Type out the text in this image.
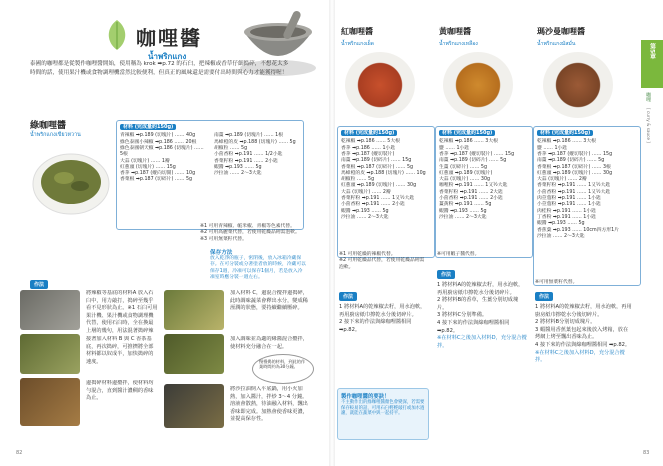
咖哩醬
น้ำพริกแกง
泰國的咖哩都是從製作咖哩醬開始，使用稱為 krok ➡p.72 的石臼，把辣椒或香草仔細搗碎，不想花太多時間的話，使用果汁機或食物調理機當然比較便利，但真正的風味還是需要付出時間與心力才能獲得喔！
綠咖哩醬
น้ำพริกแกงเขียวหวาน
材料 (完成量約150g)
青辣椒 ➡p.189 (切塊片) …… 40g
綠色泰國小辣椒 ➡p.186 …… 20根
綠色泰國朝天椒 ➡p.186 (切塊片) …… 5根
大蒜 (切塊片) …… 1瓣
紅蔥頭 (切塊片) …… 15g
香茅 ➡p.187 (縱向切開) …… 10g
香菜根 ➡p.187 (切碎片) …… 5g
南薑 ➡p.189 (切塊片) …… 1根
馬蜂橙的皮 ➡p.188 (切塊片) …… 5g
胡椒粒 …… 5g
小茴香粉 ➡p.191 …… 1/2小匙
香菜籽粉 ➡p.191 …… 2小匙
蝦醬 ➡p.193 …… 5g
沙拉油 …… 2～3大匙
※1 可用青辣椒、帳米椒、青椒等色素代替。
※2 可用高麗菜代替，若使用乾燥品則需泡軟。
※3 可用無菜籽代替。
保存方法
放入乾淨的瓶子，密閉後，放入冰箱冷藏保存。在可分裝或分著塗者放的時候，冷藏可以保存1週，冷凍可以保存1個月，若是放入冷凍室時應分裝一週左右。
作法
將辣椒等基底的材料A 放入石臼中，用力敲打，搗碎至幾乎看不見形狀為止。※1 石臼可用果汁機、果汁機或食物調理機代替，使用石臼時，全在換最上層的幾句，用法混著搗碎辣
接著加入材料 B 與 C 香茶基底，再次搗碎，可推擠將全部材料都以奴成半，加快搗碎的速度。
邊搗碎材料邊攪拌，使材料均勻混合，直到醬汁濃稠的香味為止。
加入材料 C，邊混合攪拌邊搗碎，此時調味蔬菜會釋出水分，變成稀溼潤的狀態，要持續繼續壓碎。
加入調味並為適的緣醬混合攪拌，使材料充分融合在一起。
慢慢搗的材料，到此的作業時間約為30分鐘。
將沙拉油倒入平底鍋，用小火加熱，加入醬汁，拌炒 3～4 分鐘。溶液會散熱，待油融入材料，飄出香味即完成。加熱會使香味更濃，並提高保存性。
82
紅咖哩醬
น้ำพริกแกงเผ็ด
黃咖哩醬
น้ำพริกแกงเหลือง
瑪沙曼咖哩醬
น้ำพริกแกงมัสมั่น	第5章
咖哩
[ curry & sauce ]
材料 (完成量約150g)
乾辣椒 ➡p.186 …… 5大根
香茅 ➡p.186 …… 1小匙
香茅 ➡p.187 (縱切裝片)
南薑 ➡p.189 (切碎片) …… 15g
香菜根 ➡p.187 (切碎片) …… 5g
馬蜂橙的皮 ➡p.188 (切塊片) …… 10g
胡椒粒 …… 5g
紅蔥頭 ➡p.189 (切塊片) …… 30g
大蒜 (切塊片) …… 2瓣
香菜籽粉 ➡p.191 …… 1又½大匙
小茴香粉 ➡p.191 …… 2小匙
蝦醬 ➡p.193 …… 5g
沙拉油 …… 2～3大匙
※1 可用乾燥的辣椒代替。
※2 可用乾燥品代替，若使用乾燥品則需泡軟。
作法
1 將材料A的乾辣椒去籽，用水泡軟，再用廚房紙巾擦乾水分後切碎片。
2 接下來的作法與綠咖哩醬相同 ➡p.82。
製作咖哩醬的要訣！
不主動作出的綠咖哩醬顏色會變深，若需要保存較易的話，可用石臼輕輕敲打或加水過濾，就能在蔬菜中與一起持平。
材料 (完成量約150g)
乾辣椒 ➡p.186 …… 3大根
鹽 …… 1小匙
香茅 ➡p.187 (縱切裝片) …… 15g
南薑 ➡p.189 (切碎片) …… 5g
生薑 (切碎片) …… 5g
紅蔥頭 ➡p.189 (切塊片)
大蒜 (切塊片) …… 30g
咖哩粉 ➡p.191 …… 1又½大匙
香菜籽粉 ➡p.191 …… 2大匙
小茴香粉 ➡p.191 …… 2小匙
薑黃粉 ➡p.191 …… 5g
蝦醬 ➡p.193 …… 5g
沙拉油 …… 2～3大匙
※可用蝦子醬代替。
作法
1 將材料A的乾辣椒去籽，用水泡軟，再用廚房紙巾擦乾水分後切碎片。
2 將材料B的香草，生薑分別切成塊片。
3 將材料C分別準備。
4 接下來的作法與綠咖哩醬相同 ➡p.82。
※在材料C之後加入材料D，充分混合攪拌。
材料 (完成量約150g)
乾辣椒 ➡p.186 …… 3大根
鹽 …… 1小匙
香茅 ➡p.187 (縱切裝片) …… 15g
南薑 ➡p.189 (切碎片) …… 5g
香菜根 ➡p.187 (切碎片) …… 3根
紅蔥頭 ➡p.189 (切塊片) …… 30g
大蒜 (切塊片) …… 2瓣
香菜籽粉 ➡p.191 …… 1又½大匙
小茴香粉 ➡p.191 …… 1又½大匙
肉荳蔻粉 ➡p.191 …… 1小匙
小荳蔻粉 ➡p.191 …… 1小匙
肉桂粉 ➡p.191 …… 1小匙
丁香粉 ➡p.191 …… 1小匙
蝦醬 ➡p.193 …… 5g
香蕉葉 ➡p.193 …… 10cm四方形1片
沙拉油 …… 2～3大匙
※可用無菜籽代替。
作法
1 將材料A的乾辣椒去籽，用水泡軟，再用廚房紙巾擦乾水分後切碎片。
2 將材料B分別切成塊片。
3 蝦醬用香蕉葉包起來後放入烤箱，放在烤網上烤至飄出香味為止。
4 接下來的作法與綠咖哩醬相同 ➡p.82。
※在材料C之後加入材料D，充分混合攪拌。
83
